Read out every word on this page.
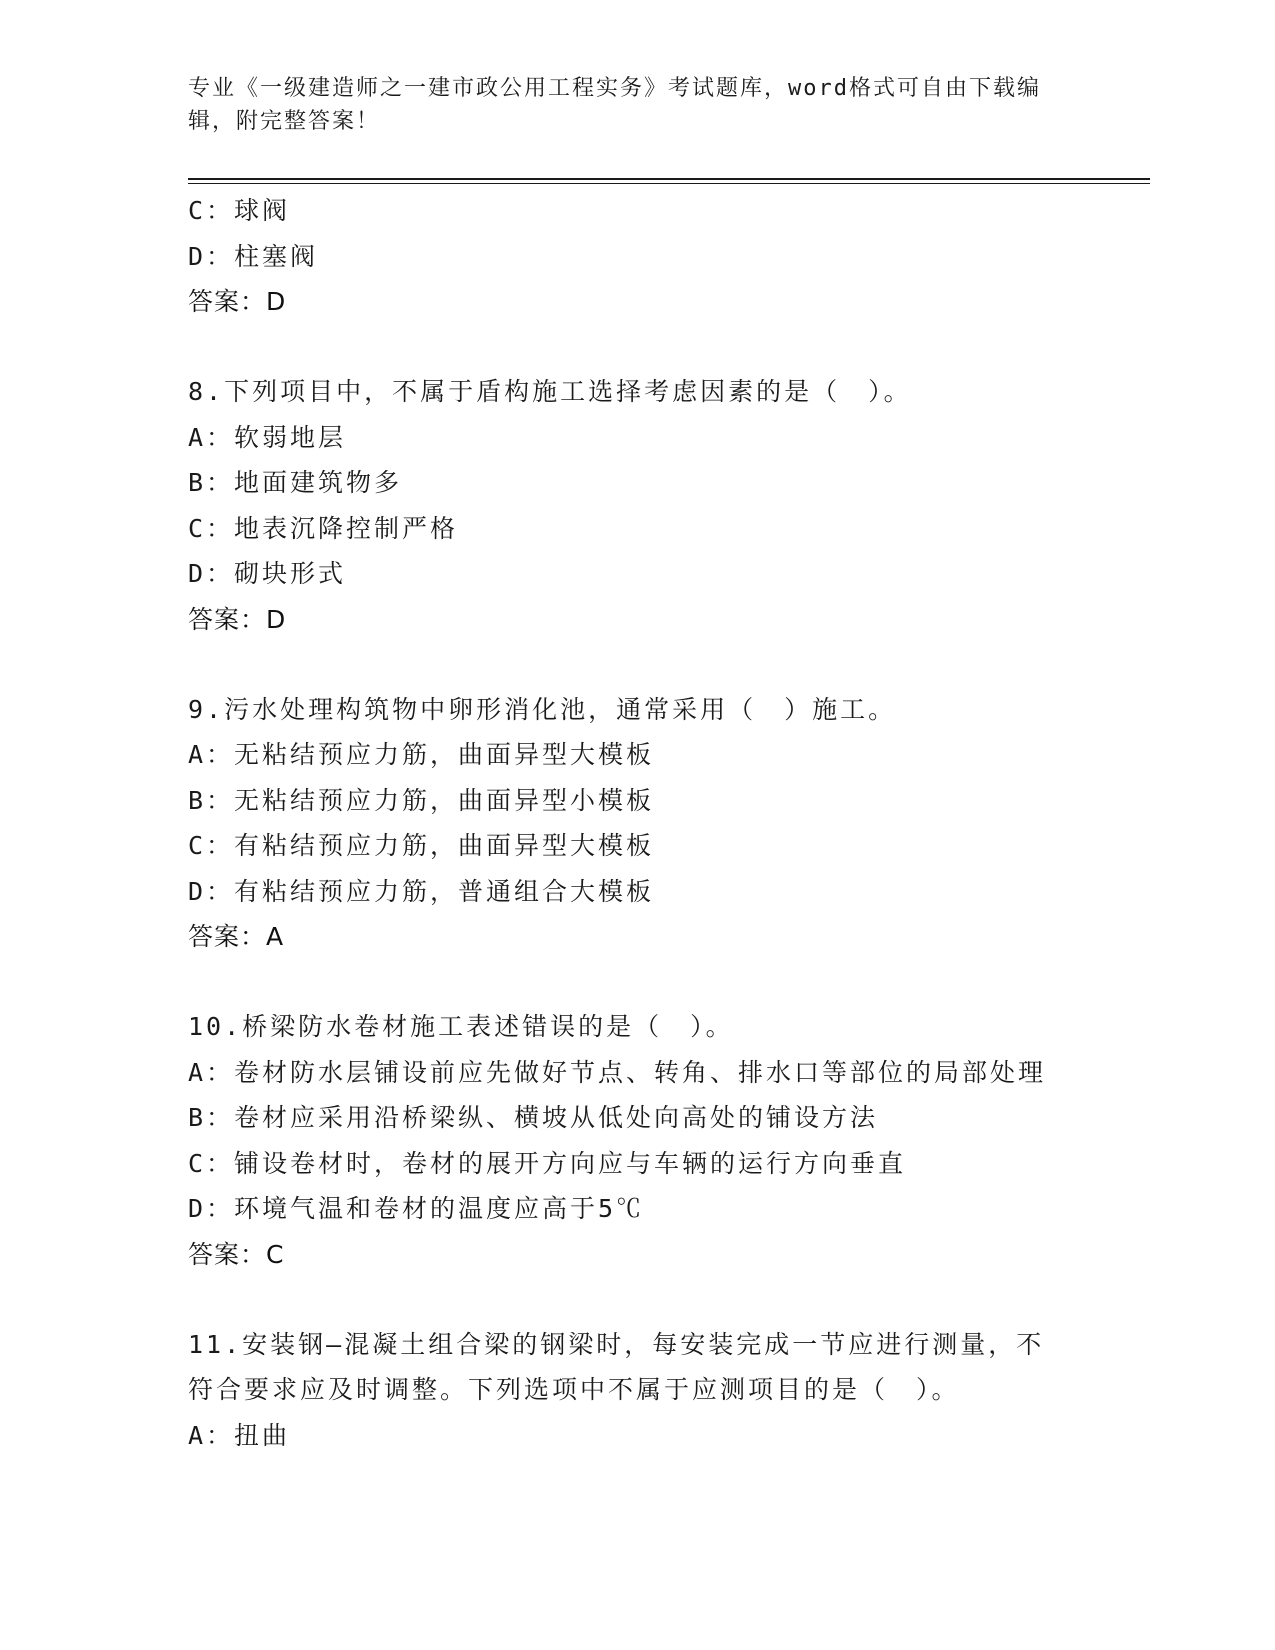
专业《一级建造师之一建市政公用工程实务》考试题库，word格式可自由下载编
辑，附完整答案！
C：球阀
D：柱塞阀
答案：D
8.下列项目中，不属于盾构施工选择考虑因素的是（　）。
A：软弱地层
B：地面建筑物多
C：地表沉降控制严格
D：砌块形式
答案：D
9.污水处理构筑物中卵形消化池，通常采用（　）施工。
A：无粘结预应力筋，曲面异型大模板
B：无粘结预应力筋，曲面异型小模板
C：有粘结预应力筋，曲面异型大模板
D：有粘结预应力筋，普通组合大模板
答案：A
10.桥梁防水卷材施工表述错误的是（　）。
A：卷材防水层铺设前应先做好节点、转角、排水口等部位的局部处理
B：卷材应采用沿桥梁纵、横坡从低处向高处的铺设方法
C：铺设卷材时，卷材的展开方向应与车辆的运行方向垂直
D：环境气温和卷材的温度应高于5℃
答案：C
11.安装钢—混凝土组合梁的钢梁时，每安装完成一节应进行测量，不
符合要求应及时调整。下列选项中不属于应测项目的是（　）。
A：扭曲
